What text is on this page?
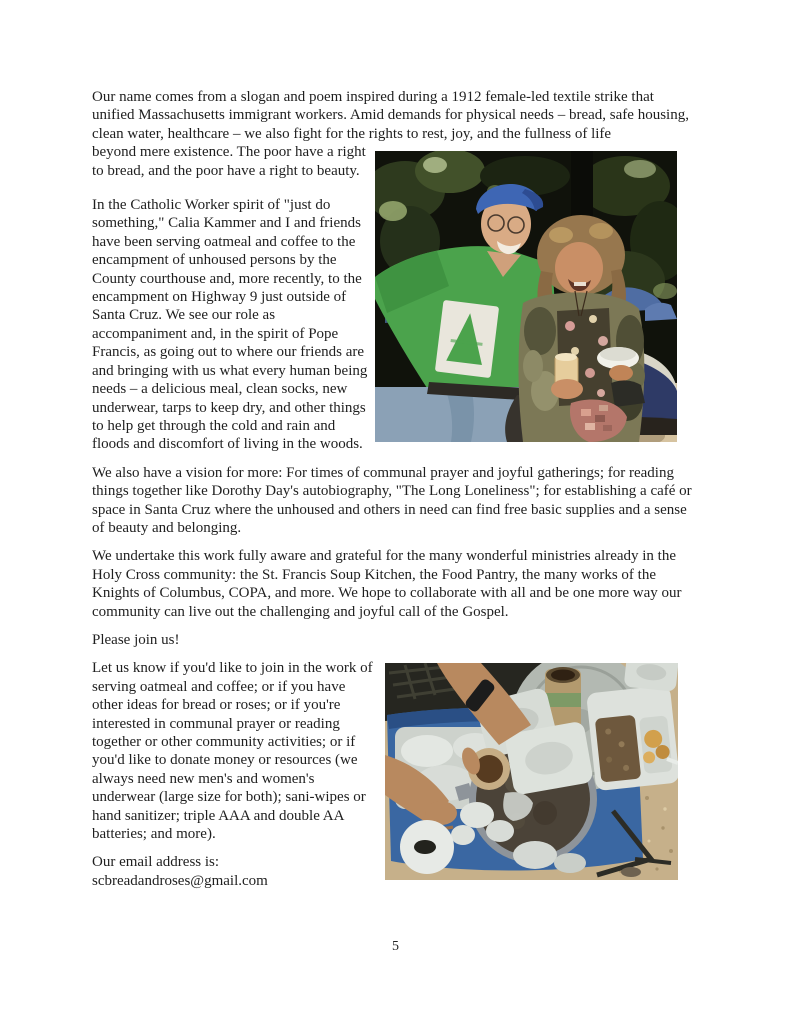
Our name comes from a slogan and poem inspired during a 1912 female-led textile strike that unified Massachusetts immigrant workers. Amid demands for physical needs – bread, safe housing, clean water, healthcare – we also fight for the rights to rest, joy, and the fullness of life

beyond mere existence. The poor have a right to bread, and the poor have a right to beauty.

In the Catholic Worker spirit of "just do something," Calia Kammer and I and friends have been serving oatmeal and coffee to the encampment of unhoused persons by the County courthouse and, more recently, to the encampment on Highway 9 just outside of Santa Cruz. We see our role as accompaniment and, in the spirit of Pope Francis, as going out to where our friends are and bringing with us what every human being needs – a delicious meal, clean socks, new underwear, tarps to keep dry, and other things to help get through the cold and rain and floods and discomfort of living in the woods.

We also have a vision for more: For times of communal prayer and joyful gatherings; for reading things together like Dorothy Day's autobiography, "The Long Loneliness"; for establishing a café or space in Santa Cruz where the unhoused and others in need can find free basic supplies and a sense of beauty and belonging.

We undertake this work fully aware and grateful for the many wonderful ministries already in the Holy Cross community: the St. Francis Soup Kitchen, the Food Pantry, the many works of the Knights of Columbus, COPA, and more. We hope to collaborate with all and be one more way our community can live out the challenging and joyful call of the Gospel.

Please join us!

Let us know if you'd like to join in the work of serving oatmeal and coffee; or if you have other ideas for bread or roses; or if you're interested in communal prayer or reading together or other community activities; or if you'd like to donate money or resources (we always need new men's and women's underwear (large size for both); sani-wipes or hand sanitizer; triple AAA and double AA batteries; and more).

Our email address is:
scbreadandroses@gmail.com

5
